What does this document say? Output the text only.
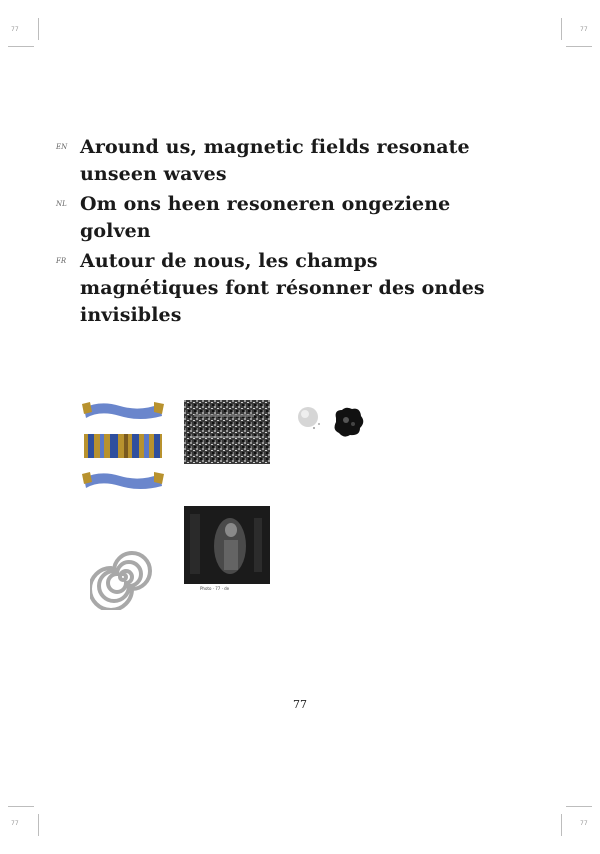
77	77
77	77
EN Around us, magnetic fields resonate unseen waves
NL Om ons heen resoneren ongeziene golven
FR Autour de nous, les champs magnétiques font résonner des ondes invisibles
Photo · 77 · de
77
